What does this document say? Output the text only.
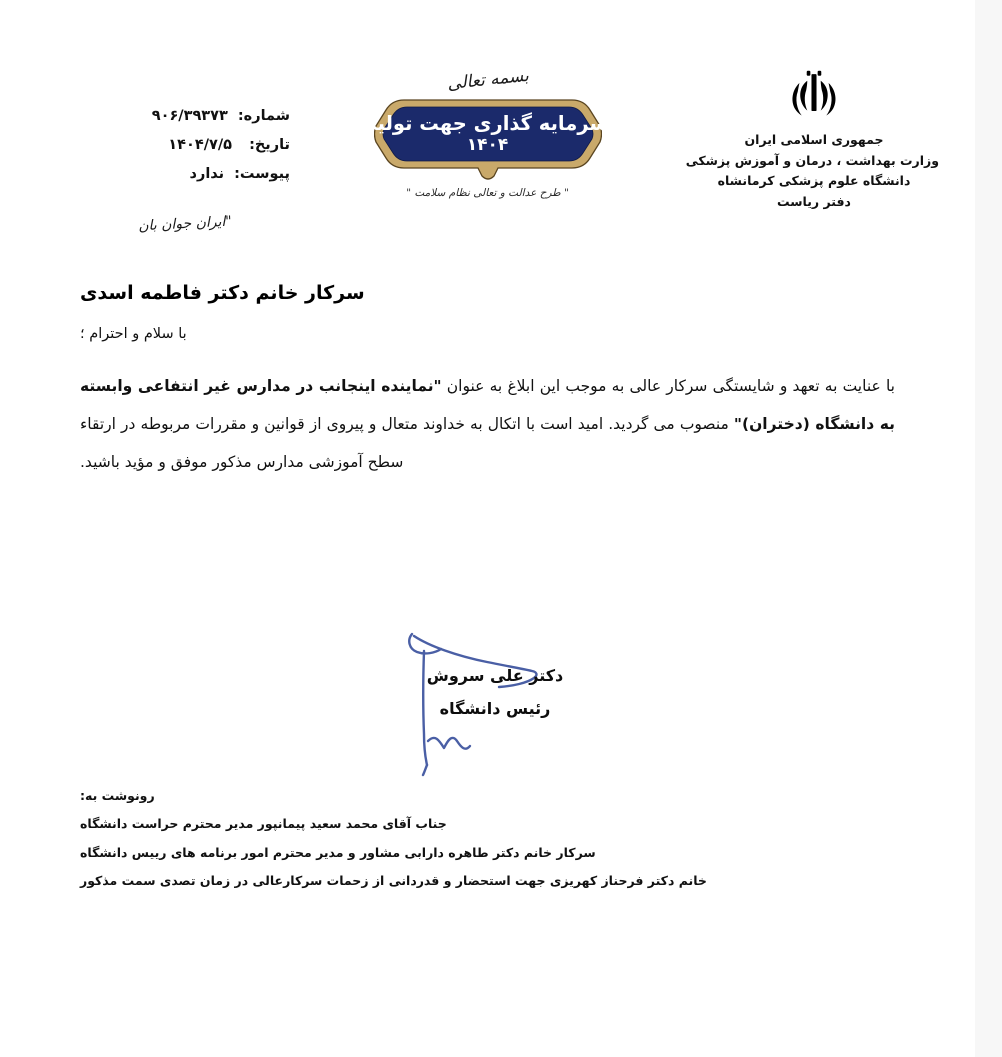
شماره:
۹۰۶/۳۹۳۷۳
تاریخ:
۱۴۰۴/۷/۵
پیوست:
ندارد
"ایران جوان بان
بسمه تعالی
سرمایه گذاری جهت تولید
۱۴۰۴
" طرح عدالت و تعالی نظام سلامت "
جمهوری اسلامی ایران
وزارت بهداشت ، درمان و آموزش پزشکی
دانشگاه علوم پزشکی کرمانشاه
دفتر ریاست
سرکار خانم دکتر فاطمه اسدی
با سلام و احترام ؛
با عنایت به تعهد و شایستگی سرکار عالی به موجب این ابلاغ به عنوان "نماینده اینجانب در مدارس غیر انتفاعی وابسته به دانشگاه (دختران)" منصوب می گردید. امید است با اتکال به خداوند متعال و پیروی از قوانین و مقررات مربوطه در ارتقاء سطح آموزشی مدارس مذکور موفق و مؤید باشید.
دکتر علی سروش
رئیس دانشگاه
رونوشت به:
جناب آقای محمد سعید پیمانپور مدیر محترم حراست دانشگاه
سرکار خانم دکتر طاهره دارابی مشاور و مدیر محترم امور برنامه های رییس دانشگاه
خانم دکتر فرحناز کهریزی جهت استحضار و قدردانی از زحمات سرکارعالی در زمان تصدی سمت مذکور
